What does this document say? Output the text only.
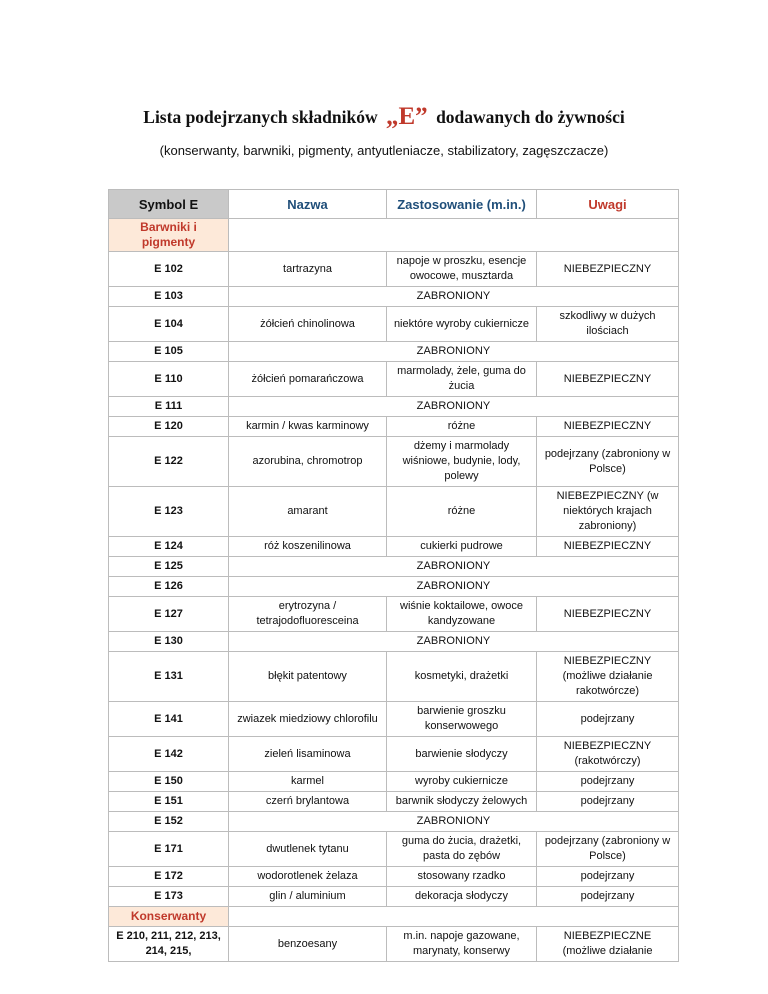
Lista podejrzanych składników „E” dodawanych do żywności
(konserwanty, barwniki, pigmenty, antyutleniacze, stabilizatory, zagęszczacze)
Symbol E	Nazwa	Zastosowanie (m.in.)	Uwagi
Barwniki i pigmenty			
E 102	tartrazyna	napoje w proszku, esencje owocowe, musztarda	NIEBEZPIECZNY
E 103	ZABRONIONY		
E 104	żółcień chinolinowa	niektóre wyroby cukiernicze	szkodliwy w dużych ilościach
E 105	ZABRONIONY		
E 110	żółcień pomarańczowa	marmolady, żele, guma do żucia	NIEBEZPIECZNY
E 111	ZABRONIONY		
E 120	karmin / kwas karminowy	różne	NIEBEZPIECZNY
E 122	azorubina, chromotrop	dżemy i marmolady wiśniowe, budynie, lody, polewy	podejrzany (zabroniony w Polsce)
E 123	amarant	różne	NIEBEZPIECZNY (w niektórych krajach zabroniony)
E 124	róż koszenilinowa	cukierki pudrowe	NIEBEZPIECZNY
E 125	ZABRONIONY		
E 126	ZABRONIONY		
E 127	erytrozyna / tetrajodofluoresceina	wiśnie koktailowe, owoce kandyzowane	NIEBEZPIECZNY
E 130	ZABRONIONY		
E 131	błękit patentowy	kosmetyki, drażetki	NIEBEZPIECZNY (możliwe działanie rakotwórcze)
E 141	zwiazek miedziowy chlorofilu	barwienie groszku konserwowego	podejrzany
E 142	zieleń lisaminowa	barwienie słodyczy	NIEBEZPIECZNY (rakotwórczy)
E 150	karmel	wyroby cukiernicze	podejrzany
E 151	czerń brylantowa	barwnik słodyczy żelowych	podejrzany
E 152	ZABRONIONY		
E 171	dwutlenek tytanu	guma do żucia, drażetki, pasta do zębów	podejrzany (zabroniony w Polsce)
E 172	wodorotlenek żelaza	stosowany rzadko	podejrzany
E 173	glin / aluminium	dekoracja słodyczy	podejrzany
Konserwanty			
E 210, 211, 212, 213, 214, 215,	benzoesany	m.in. napoje gazowane, marynaty, konserwy	NIEBEZPIECZNE (możliwe działanie
